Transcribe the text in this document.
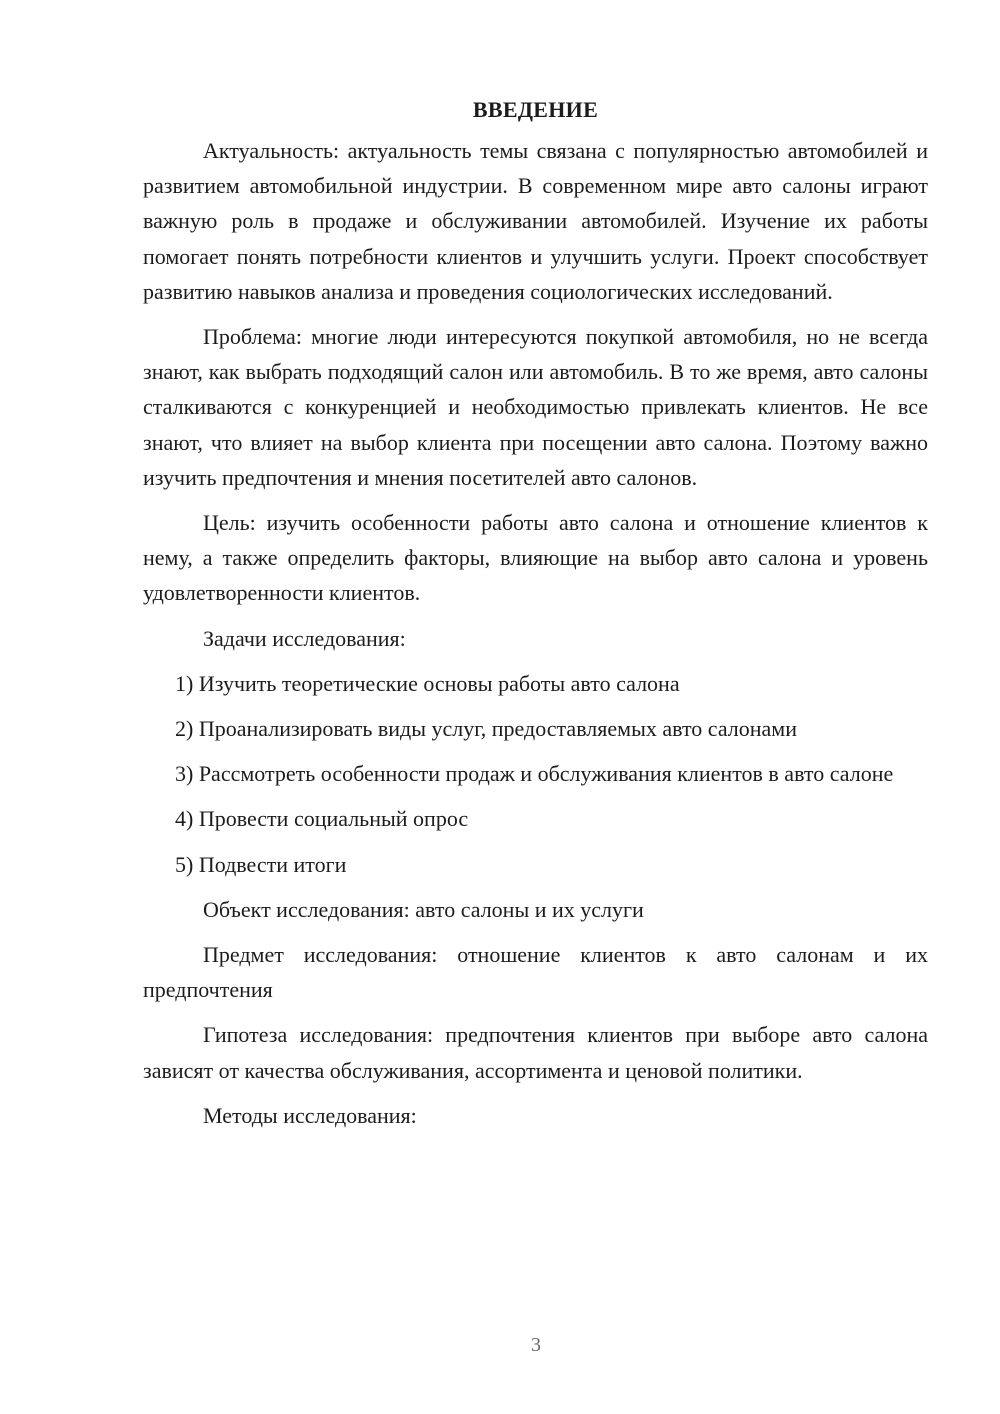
ВВЕДЕНИЕ

Актуальность: актуальность темы связана с популярностью автомобилей и развитием автомобильной индустрии. В современном мире авто салоны играют важную роль в продаже и обслуживании автомобилей. Изучение их работы помогает понять потребности клиентов и улучшить услуги. Проект способствует развитию навыков анализа и проведения социологических исследований.

Проблема: многие люди интересуются покупкой автомобиля, но не всегда знают, как выбрать подходящий салон или автомобиль. В то же время, авто салоны сталкиваются с конкуренцией и необходимостью привлекать клиентов. Не все знают, что влияет на выбор клиента при посещении авто салона. Поэтому важно изучить предпочтения и мнения посетителей авто салонов.

Цель: изучить особенности работы авто салона и отношение клиентов к нему, а также определить факторы, влияющие на выбор авто салона и уровень удовлетворенности клиентов.

Задачи исследования:

1) Изучить теоретические основы работы авто салона

2) Проанализировать виды услуг, предоставляемых авто салонами

3) Рассмотреть особенности продаж и обслуживания клиентов в авто салоне

4) Провести социальный опрос

5) Подвести итоги

Объект исследования: авто салоны и их услуги

Предмет исследования: отношение клиентов к авто салонам и их предпочтения

Гипотеза исследования: предпочтения клиентов при выборе авто салона зависят от качества обслуживания, ассортимента и ценовой политики.

Методы исследования:

3
